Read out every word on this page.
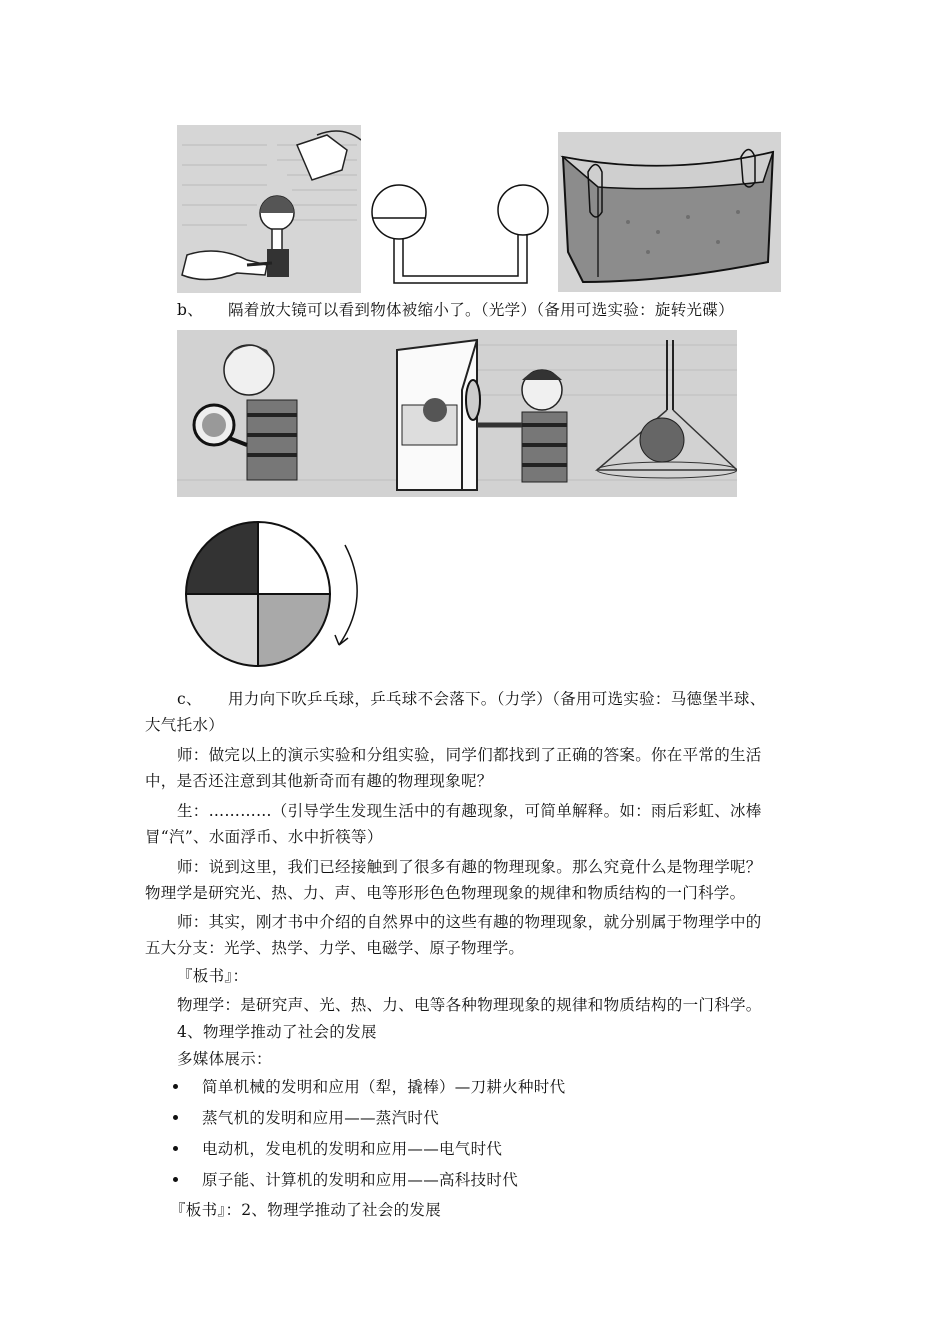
b、 隔着放大镜可以看到物体被缩小了。（光学）（备用可选实验：旋转光碟）
c、 用力向下吹乒乓球，乒乓球不会落下。（力学）（备用可选实验：马德堡半球、
大气托水）
师：做完以上的演示实验和分组实验，同学们都找到了正确的答案。你在平常的生活
中，是否还注意到其他新奇而有趣的物理现象呢？
生：…………（引导学生发现生活中的有趣现象，可简单解释。如：雨后彩虹、冰棒
冒“汽”、水面浮币、水中折筷等）
师：说到这里，我们已经接触到了很多有趣的物理现象。那么究竟什么是物理学呢？
物理学是研究光、热、力、声、电等形形色色物理现象的规律和物质结构的一门科学。
师：其实，刚才书中介绍的自然界中的这些有趣的物理现象，就分别属于物理学中的
五大分支：光学、热学、力学、电磁学、原子物理学。
『板书』：
物理学：是研究声、光、热、力、电等各种物理现象的规律和物质结构的一门科学。
4、物理学推动了社会的发展
多媒体展示：
简单机械的发明和应用（犁，撬棒）—刀耕火种时代
蒸气机的发明和应用——蒸汽时代
电动机，发电机的发明和应用——电气时代
原子能、计算机的发明和应用——高科技时代
『板书』：2、物理学推动了社会的发展
